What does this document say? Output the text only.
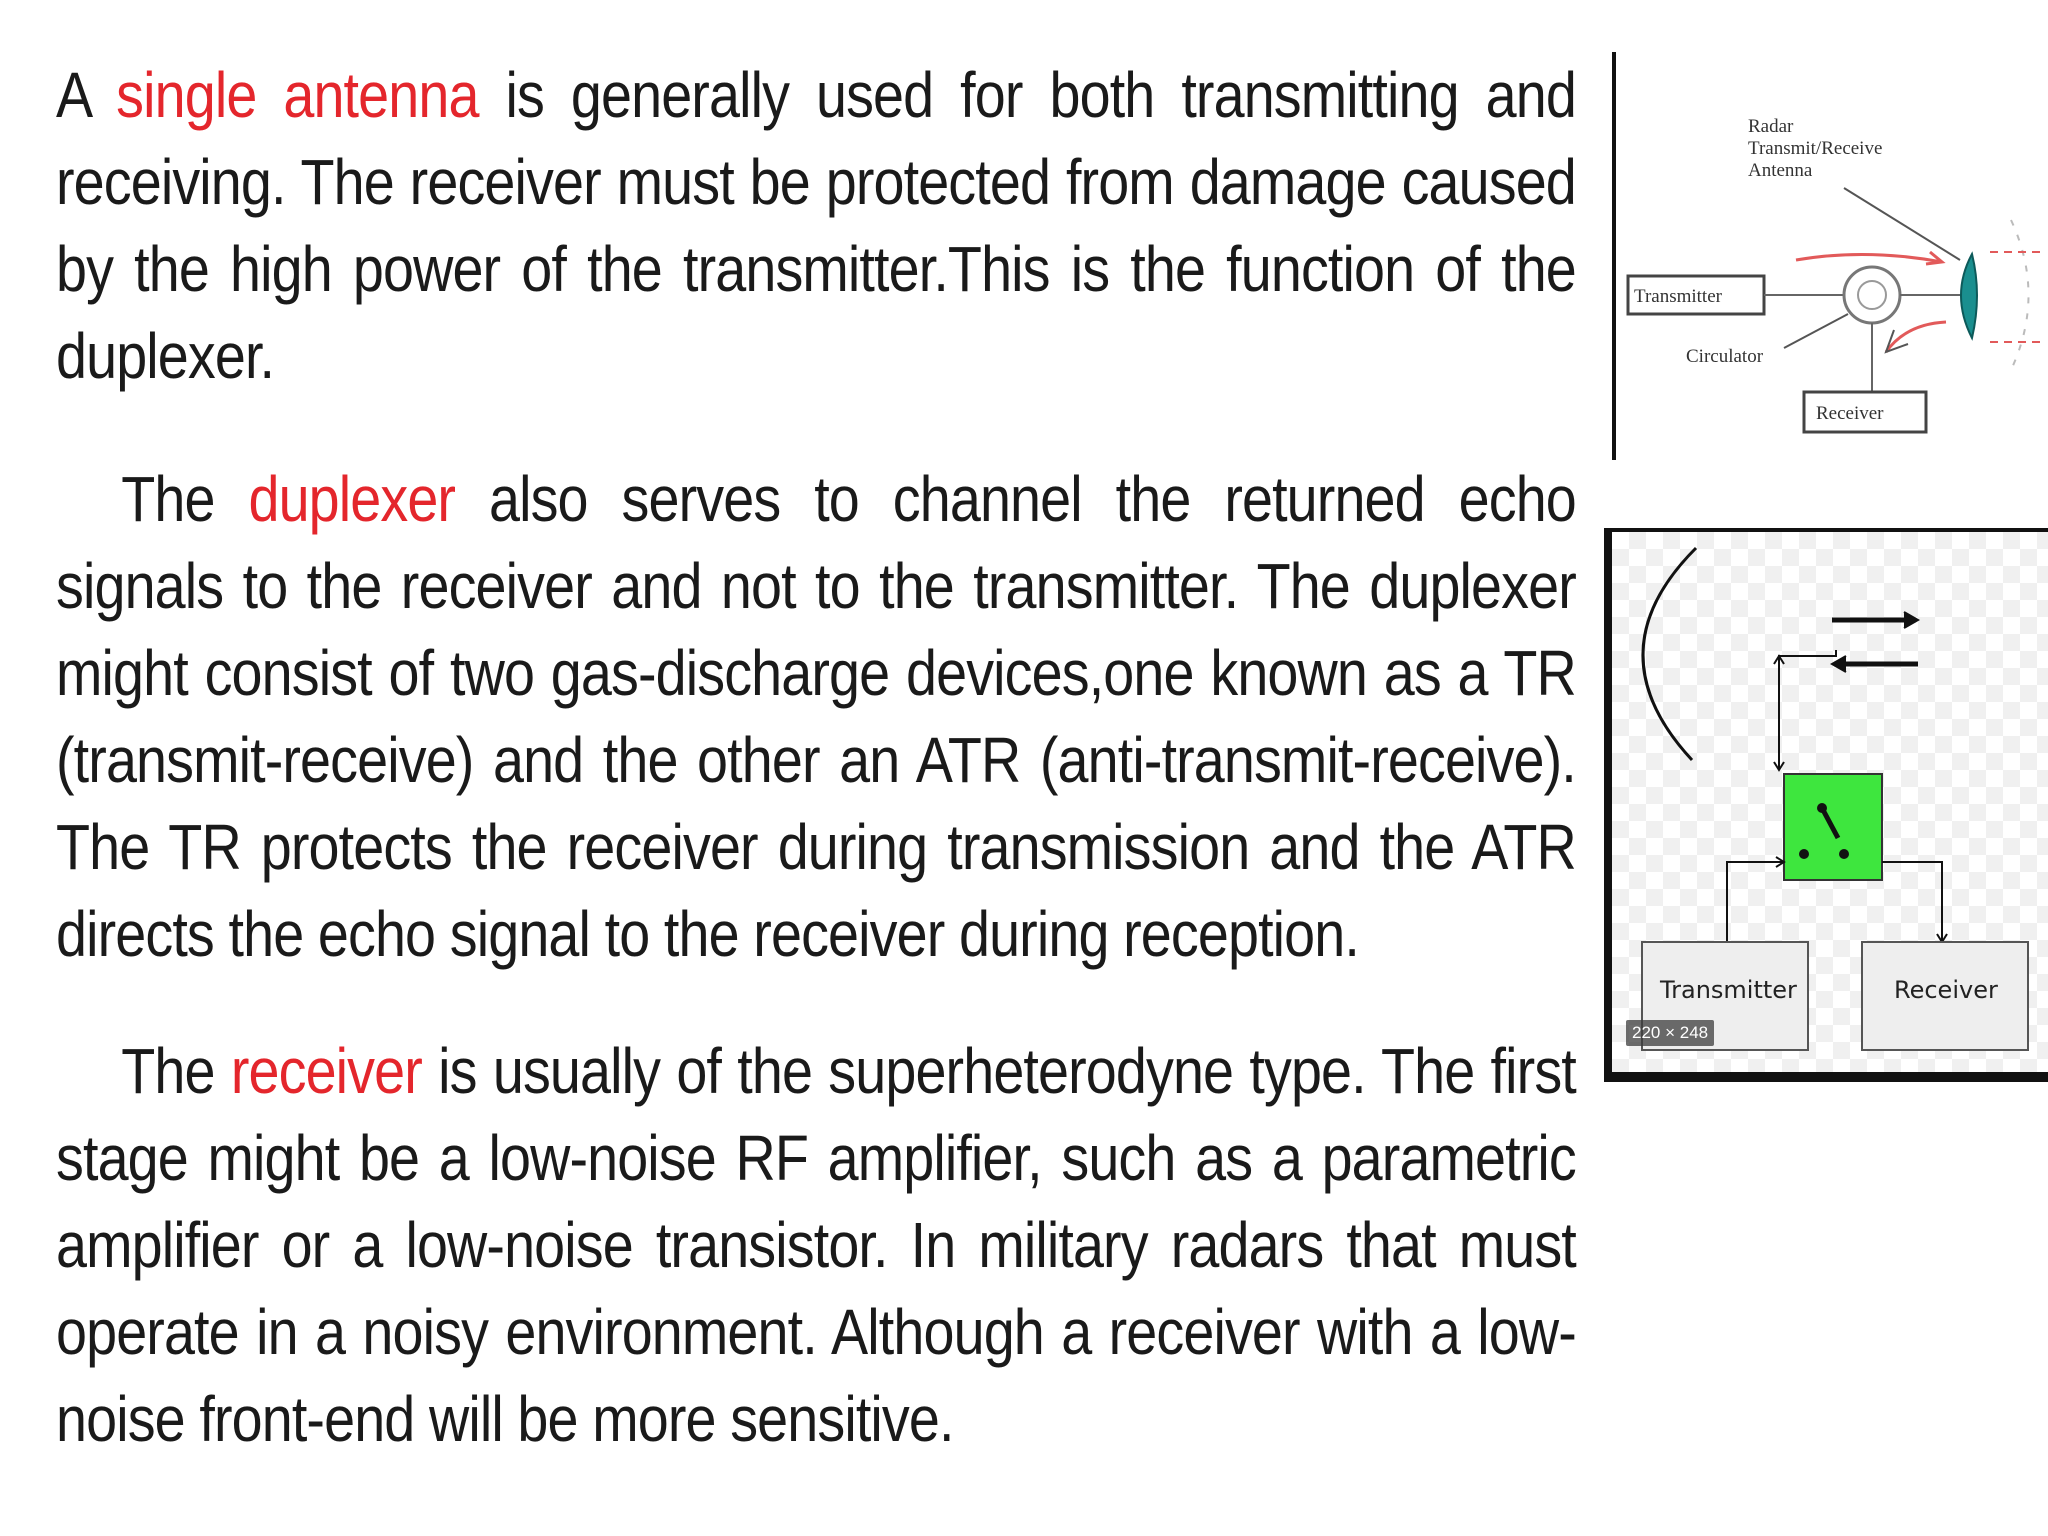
A single antenna is generally used for both transmitting and receiving. The receiver must be protected from damage caused by the high power of the transmitter.This is the function of the duplexer.

The duplexer also serves to channel the returned echo signals to the receiver and not to the transmitter. The duplexer might consist of two gas-discharge devices,one known as a TR (transmit-receive) and the other an ATR (anti-transmit-receive). The TR protects the receiver during transmission and the ATR directs the echo signal to the receiver during reception.

The receiver is usually of the superheterodyne type. The first stage might be a low-noise RF amplifier, such as a parametric amplifier or a low-noise transistor. In military radars that must operate in a noisy environment. Although a receiver with a low-noise front-end will be more sensitive.

Radar
Transmit/Receive
Antenna
Transmitter
Circulator
Receiver
Transmitter	Receiver
220 × 248
